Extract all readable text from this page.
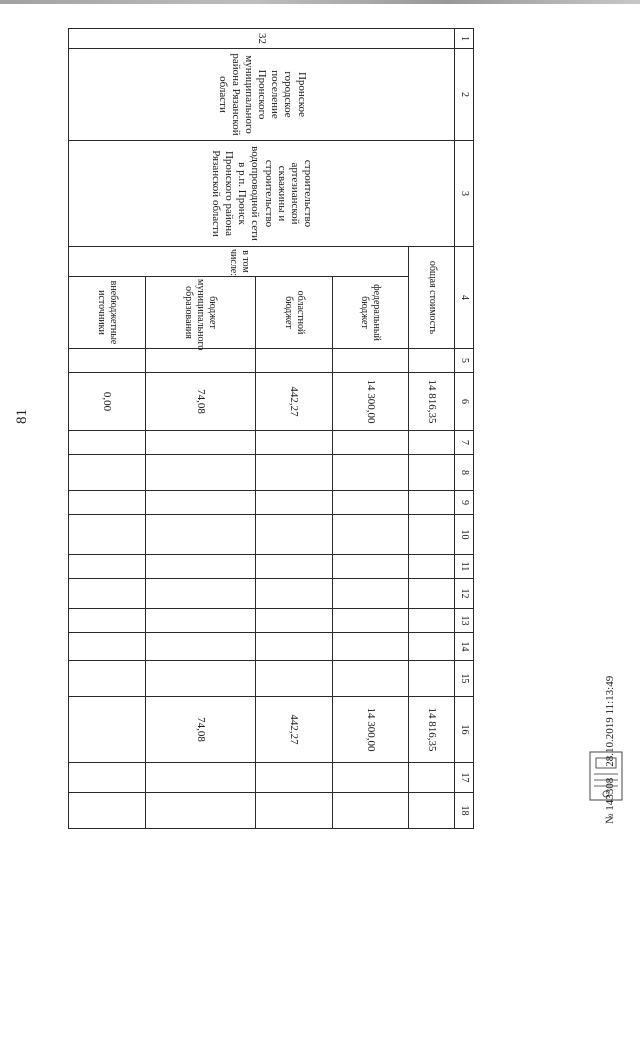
81
1	2	3	4		5	6	7	8	9	10	11	12	13	14	15	16	17	18
32	Пронское городское поселение Пронского муниципального района Рязанской области	строительство артезианской скважины и строительство водопроводной сети в р.п. Пронск Пронского района Рязанской области	общая стоимость			14 816,35										14 816,35		
			в том числе:	федеральный бюджет		14 300,00										14 300,00		
				областной бюджет		442,27										442,27		
				бюджет муниципального образования		74,08										74,08		
				внебюджетные источники		0,00												
№ 143308    28.10.2019 11:13:49
